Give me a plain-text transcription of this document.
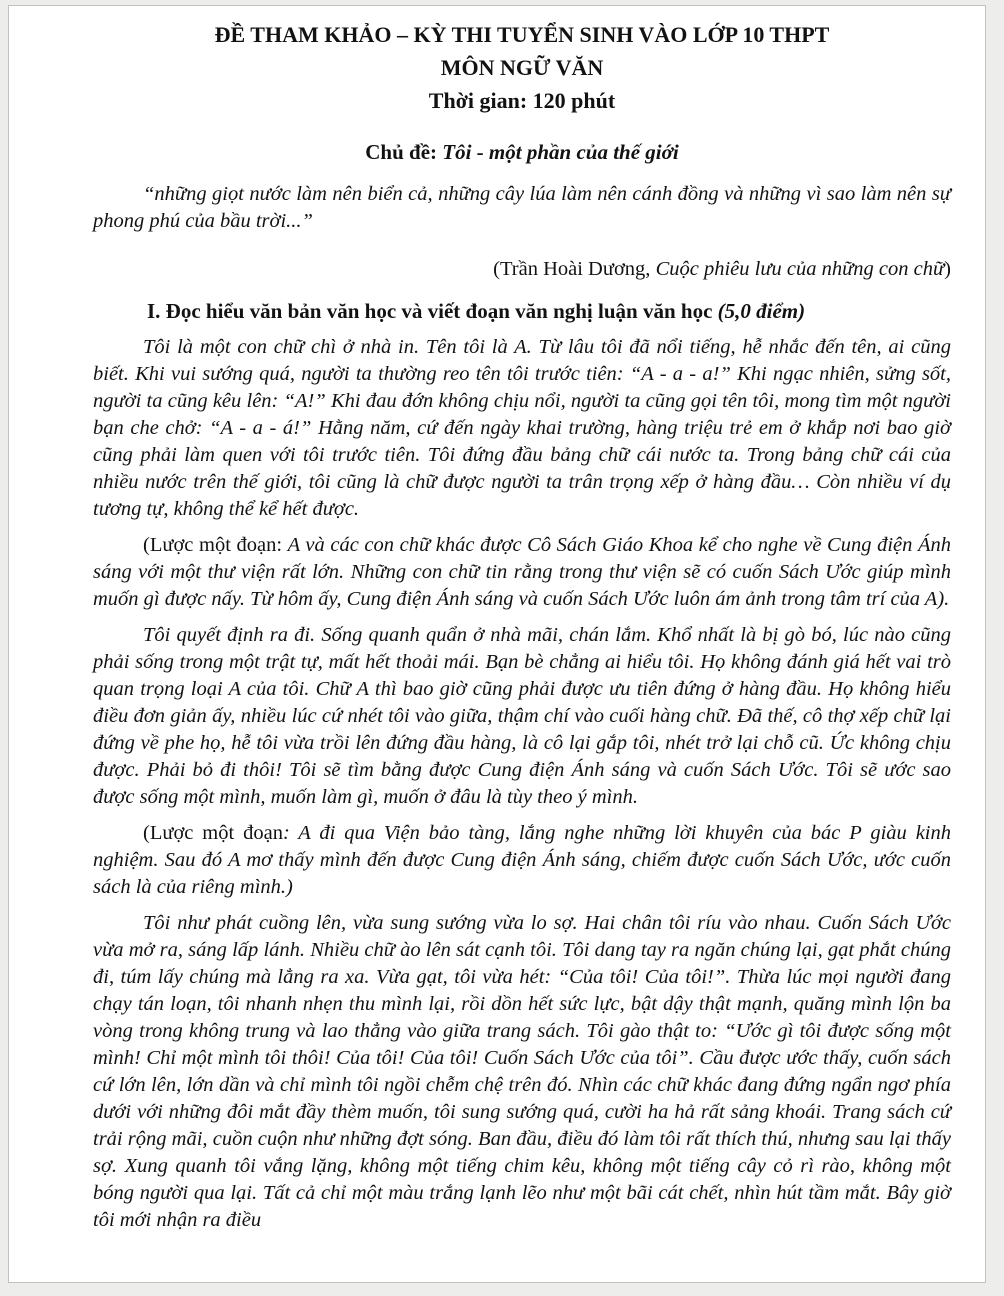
ĐỀ THAM KHẢO – KỲ THI TUYỂN SINH VÀO LỚP 10 THPT
MÔN NGỮ VĂN
Thời gian: 120 phút
Chủ đề: Tôi - một phần của thế giới

“những giọt nước làm nên biển cả, những cây lúa làm nên cánh đồng và những vì sao làm nên sự phong phú của bầu trời...”

(Trần Hoài Dương, Cuộc phiêu lưu của những con chữ)
I. Đọc hiểu văn bản văn học và viết đoạn văn nghị luận văn học (5,0 điểm)

Tôi là một con chữ chì ở nhà in. Tên tôi là A. Từ lâu tôi đã nổi tiếng, hễ nhắc đến tên, ai cũng biết. Khi vui sướng quá, người ta thường reo tên tôi trước tiên: “A - a - a!” Khi ngạc nhiên, sửng sốt, người ta cũng kêu lên: “A!” Khi đau đớn không chịu nổi, người ta cũng gọi tên tôi, mong tìm một người bạn che chở: “A - a - á!” Hằng năm, cứ đến ngày khai trường, hàng triệu trẻ em ở khắp nơi bao giờ cũng phải làm quen với tôi trước tiên. Tôi đứng đầu bảng chữ cái nước ta. Trong bảng chữ cái của nhiều nước trên thế giới, tôi cũng là chữ được người ta trân trọng xếp ở hàng đầu… Còn nhiều ví dụ tương tự, không thể kể hết được.

(Lược một đoạn: A và các con chữ khác được Cô Sách Giáo Khoa kể cho nghe về Cung điện Ánh sáng với một thư viện rất lớn. Những con chữ tin rằng trong thư viện sẽ có cuốn Sách Ước giúp mình muốn gì được nấy. Từ hôm ấy, Cung điện Ánh sáng và cuốn Sách Ước luôn ám ảnh trong tâm trí của A).

Tôi quyết định ra đi. Sống quanh quẩn ở nhà mãi, chán lắm. Khổ nhất là bị gò bó, lúc nào cũng phải sống trong một trật tự, mất hết thoải mái. Bạn bè chẳng ai hiểu tôi. Họ không đánh giá hết vai trò quan trọng loại A của tôi. Chữ A thì bao giờ cũng phải được ưu tiên đứng ở hàng đầu. Họ không hiểu điều đơn giản ấy, nhiều lúc cứ nhét tôi vào giữa, thậm chí vào cuối hàng chữ. Đã thế, cô thợ xếp chữ lại đứng về phe họ, hễ tôi vừa trồi lên đứng đầu hàng, là cô lại gắp tôi, nhét trở lại chỗ cũ. Ức không chịu được. Phải bỏ đi thôi! Tôi sẽ tìm bằng được Cung điện Ánh sáng và cuốn Sách Ước. Tôi sẽ ước sao được sống một mình, muốn làm gì, muốn ở đâu là tùy theo ý mình.

(Lược một đoạn: A đi qua Viện bảo tàng, lắng nghe những lời khuyên của bác P giàu kinh nghiệm. Sau đó A mơ thấy mình đến được Cung điện Ánh sáng, chiếm được cuốn Sách Ước, ước cuốn sách là của riêng mình.)

Tôi như phát cuồng lên, vừa sung sướng vừa lo sợ. Hai chân tôi ríu vào nhau. Cuốn Sách Ước vừa mở ra, sáng lấp lánh. Nhiều chữ ào lên sát cạnh tôi. Tôi dang tay ra ngăn chúng lại, gạt phắt chúng đi, túm lấy chúng mà lẳng ra xa. Vừa gạt, tôi vừa hét: “Của tôi! Của tôi!”. Thừa lúc mọi người đang chạy tán loạn, tôi nhanh nhẹn thu mình lại, rồi dồn hết sức lực, bật dậy thật mạnh, quăng mình lộn ba vòng trong không trung và lao thẳng vào giữa trang sách. Tôi gào thật to: “Ước gì tôi được sống một mình! Chỉ một mình tôi thôi! Của tôi! Của tôi! Cuốn Sách Ước của tôi”. Cầu được ước thấy, cuốn sách cứ lớn lên, lớn dần và chỉ mình tôi ngồi chễm chệ trên đó. Nhìn các chữ khác đang đứng ngẩn ngơ phía dưới với những đôi mắt đầy thèm muốn, tôi sung sướng quá, cười ha hả rất sảng khoái. Trang sách cứ trải rộng mãi, cuồn cuộn như những đợt sóng. Ban đầu, điều đó làm tôi rất thích thú, nhưng sau lại thấy sợ. Xung quanh tôi vắng lặng, không một tiếng chim kêu, không một tiếng cây cỏ rì rào, không một bóng người qua lại. Tất cả chỉ một màu trắng lạnh lẽo như một bãi cát chết, nhìn hút tầm mắt. Bây giờ tôi mới nhận ra điều
